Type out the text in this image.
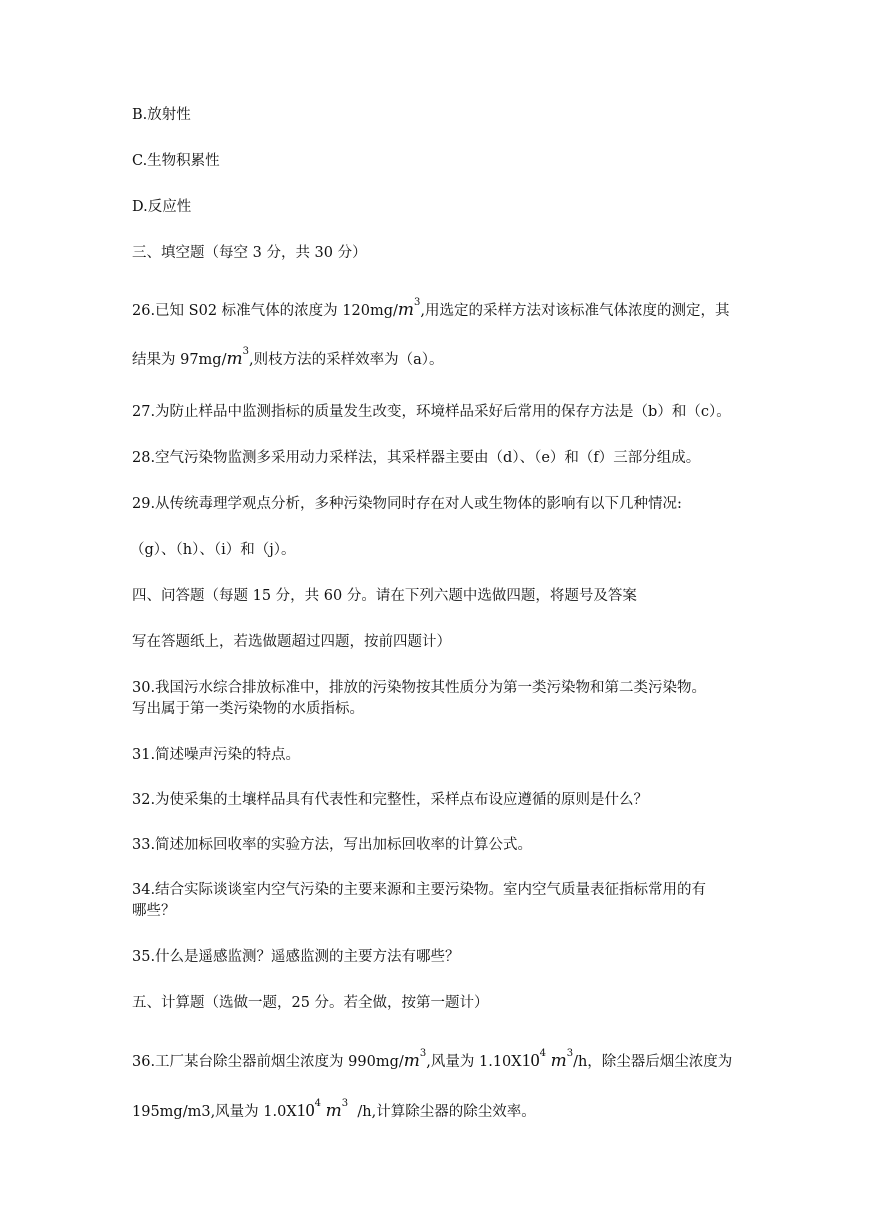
B.放射性
C.生物积累性
D.反应性
三、填空题（每空 3 分，共 30 分）
26.已知 S02 标准气体的浓度为 $120mg/m^3$,用选定的采样方法对该标准气体浓度的测定，其
结果为 $97mg/m^3$,则枝方法的采样效率为（a）。
27.为防止样品中监测指标的质量发生改变，环境样品采好后常用的保存方法是（b）和（c）。
28.空气污染物监测多采用动力采样法，其采样器主要由（d）、（e）和（f）三部分组成。
29.从传统毒理学观点分析，多种污染物同时存在对人或生物体的影响有以下几种情况:
（g）、（h）、（i）和（j）。
四、问答题（每题 15 分，共 60 分。请在下列六题中选做四题，将题号及答案
写在答题纸上，若选做题超过四题，按前四题计）
30.我国污水综合排放标准中，排放的污染物按其性质分为第一类污染物和第二类污染物。
写出属于第一类污染物的水质指标。
31.简述噪声污染的特点。
32.为使采集的土壤样品具有代表性和完整性，采样点布设应遵循的原则是什么？
33.简述加标回收率的实验方法，写出加标回收率的计算公式。
34.结合实际谈谈室内空气污染的主要来源和主要污染物。室内空气质量表征指标常用的有
哪些？
35.什么是遥感监测？遥感监测的主要方法有哪些？
五、计算题（选做一题，25 分。若全做，按第一题计）
36.工厂某台除尘器前烟尘浓度为 $990mg/m^3$,风量为 $1.10X10^4$ $m^3/h$，除尘器后烟尘浓度为
195mg/m3,风量为 $1.0X10^4$ $m^3$  /h,计算除尘器的除尘效率。
